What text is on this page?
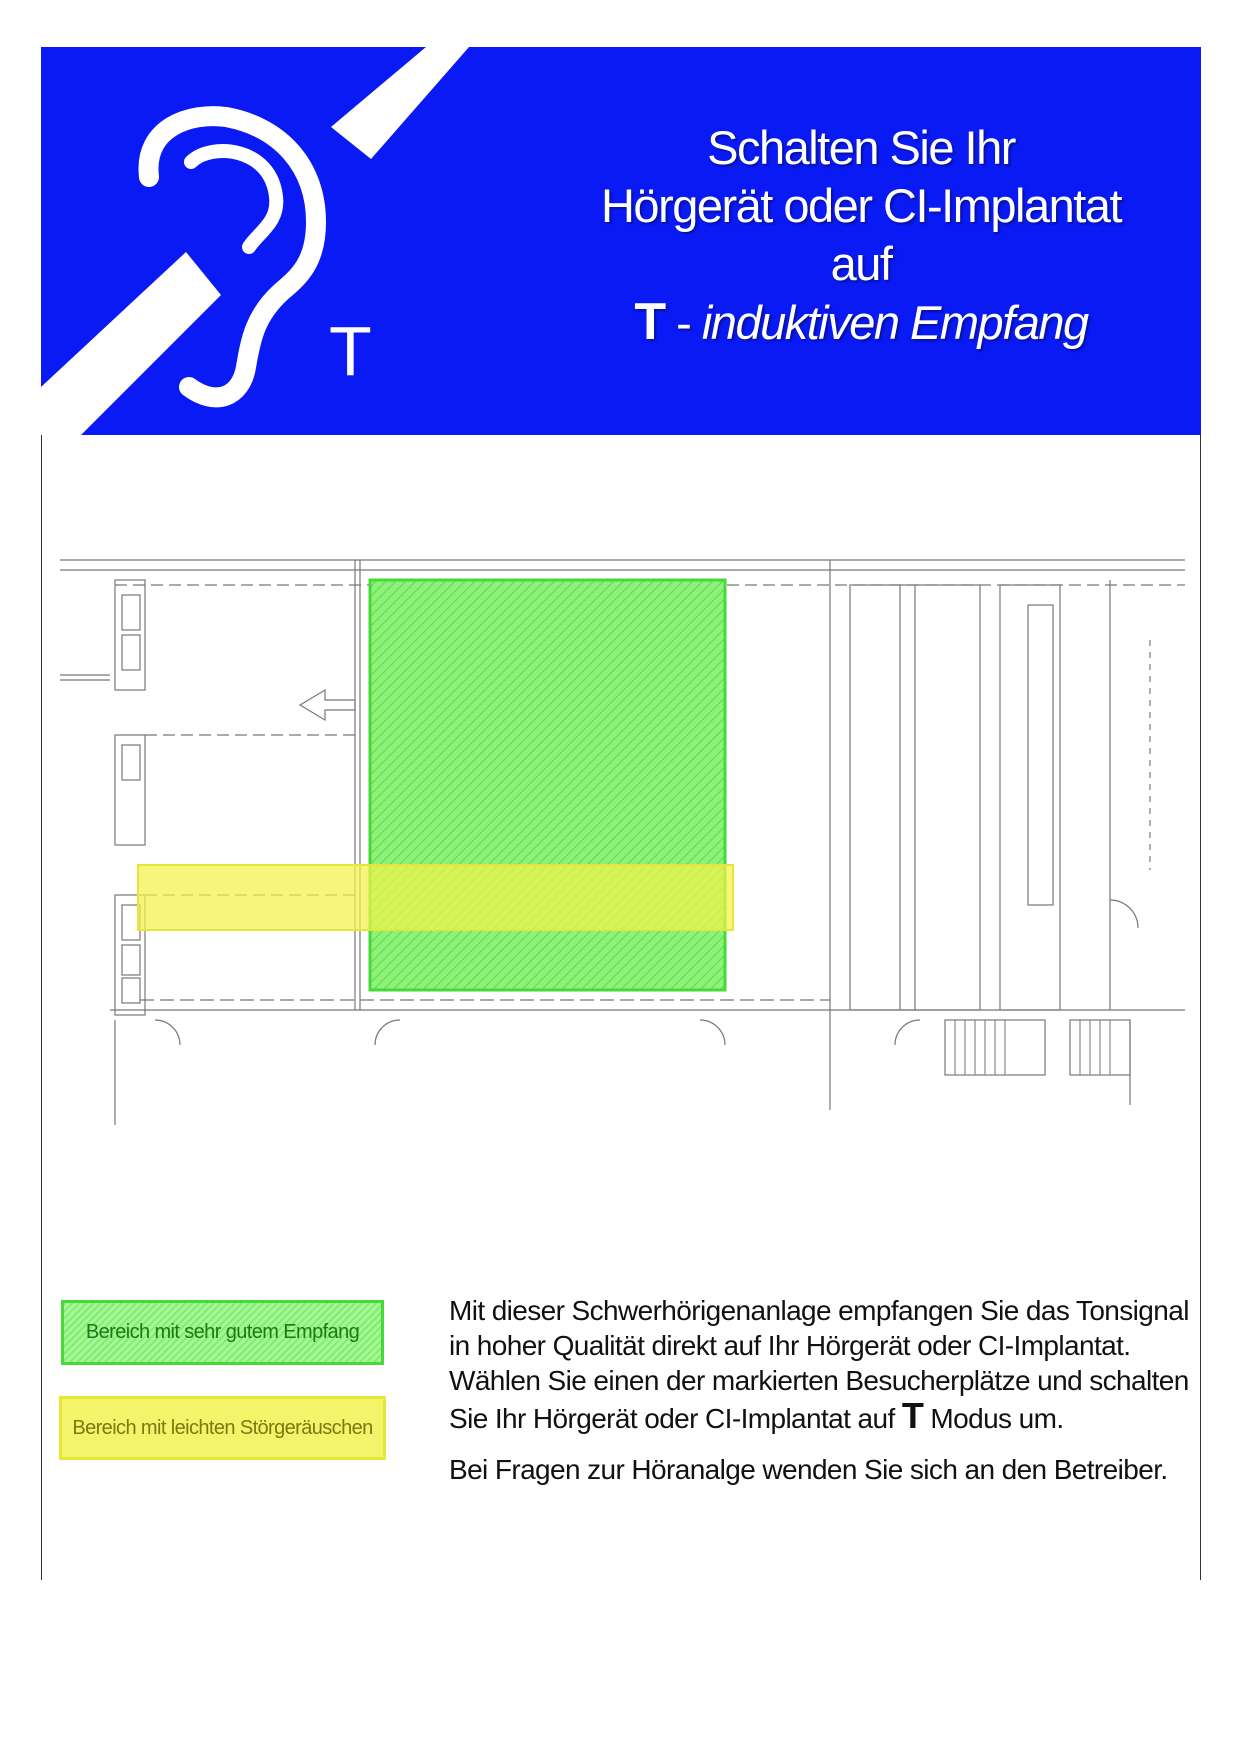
T
Schalten Sie Ihr
Hörgerät oder CI-Implantat
auf
T - induktiven Empfang
Bereich mit sehr gutem Empfang
Bereich mit leichten Störgeräuschen

Mit dieser Schwerhörigenanlage empfangen Sie das Tonsignal in hoher Qualität direkt auf Ihr Hörgerät oder CI-Implantat. Wählen Sie einen der markierten Besucherplätze und schalten Sie Ihr Hörgerät oder CI-Implantat auf T Modus um.

Bei Fragen zur Höranalge wenden Sie sich an den Betreiber.
